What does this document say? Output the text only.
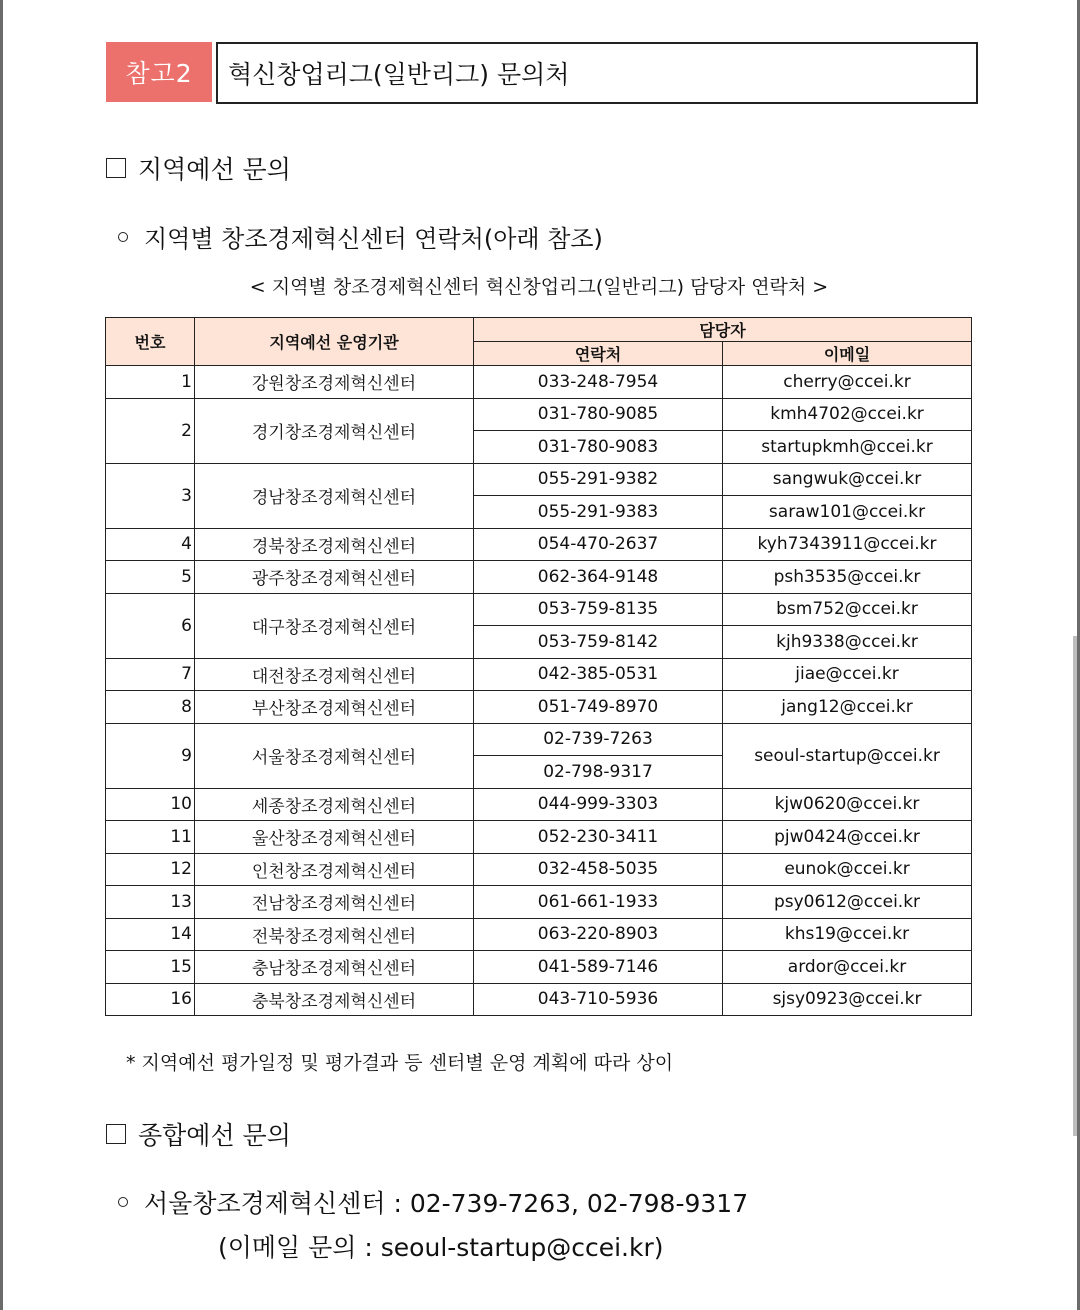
참고2	혁신창업리그(일반리그) 문의처
지역예선 문의
지역별 창조경제혁신센터 연락처(아래 참조)
< 지역별 창조경제혁신센터 혁신창업리그(일반리그) 담당자 연락처 >
번호	지역예선 운영기관	담당자	
		연락처	이메일
1	강원창조경제혁신센터	033-248-7954	cherry@ccei.kr
2	경기창조경제혁신센터	031-780-9085	kmh4702@ccei.kr
		031-780-9083	startupkmh@ccei.kr
3	경남창조경제혁신센터	055-291-9382	sangwuk@ccei.kr
		055-291-9383	saraw101@ccei.kr
4	경북창조경제혁신센터	054-470-2637	kyh7343911@ccei.kr
5	광주창조경제혁신센터	062-364-9148	psh3535@ccei.kr
6	대구창조경제혁신센터	053-759-8135	bsm752@ccei.kr
		053-759-8142	kjh9338@ccei.kr
7	대전창조경제혁신센터	042-385-0531	jiae@ccei.kr
8	부산창조경제혁신센터	051-749-8970	jang12@ccei.kr
9	서울창조경제혁신센터	02-739-7263	seoul-startup@ccei.kr
		02-798-9317	
10	세종창조경제혁신센터	044-999-3303	kjw0620@ccei.kr
11	울산창조경제혁신센터	052-230-3411	pjw0424@ccei.kr
12	인천창조경제혁신센터	032-458-5035	eunok@ccei.kr
13	전남창조경제혁신센터	061-661-1933	psy0612@ccei.kr
14	전북창조경제혁신센터	063-220-8903	khs19@ccei.kr
15	충남창조경제혁신센터	041-589-7146	ardor@ccei.kr
16	충북창조경제혁신센터	043-710-5936	sjsy0923@ccei.kr
* 지역예선 평가일정 및 평가결과 등 센터별 운영 계획에 따라 상이
종합예선 문의
서울창조경제혁신센터 : 02-739-7263, 02-798-9317
(이메일 문의 : seoul-startup@ccei.kr)
